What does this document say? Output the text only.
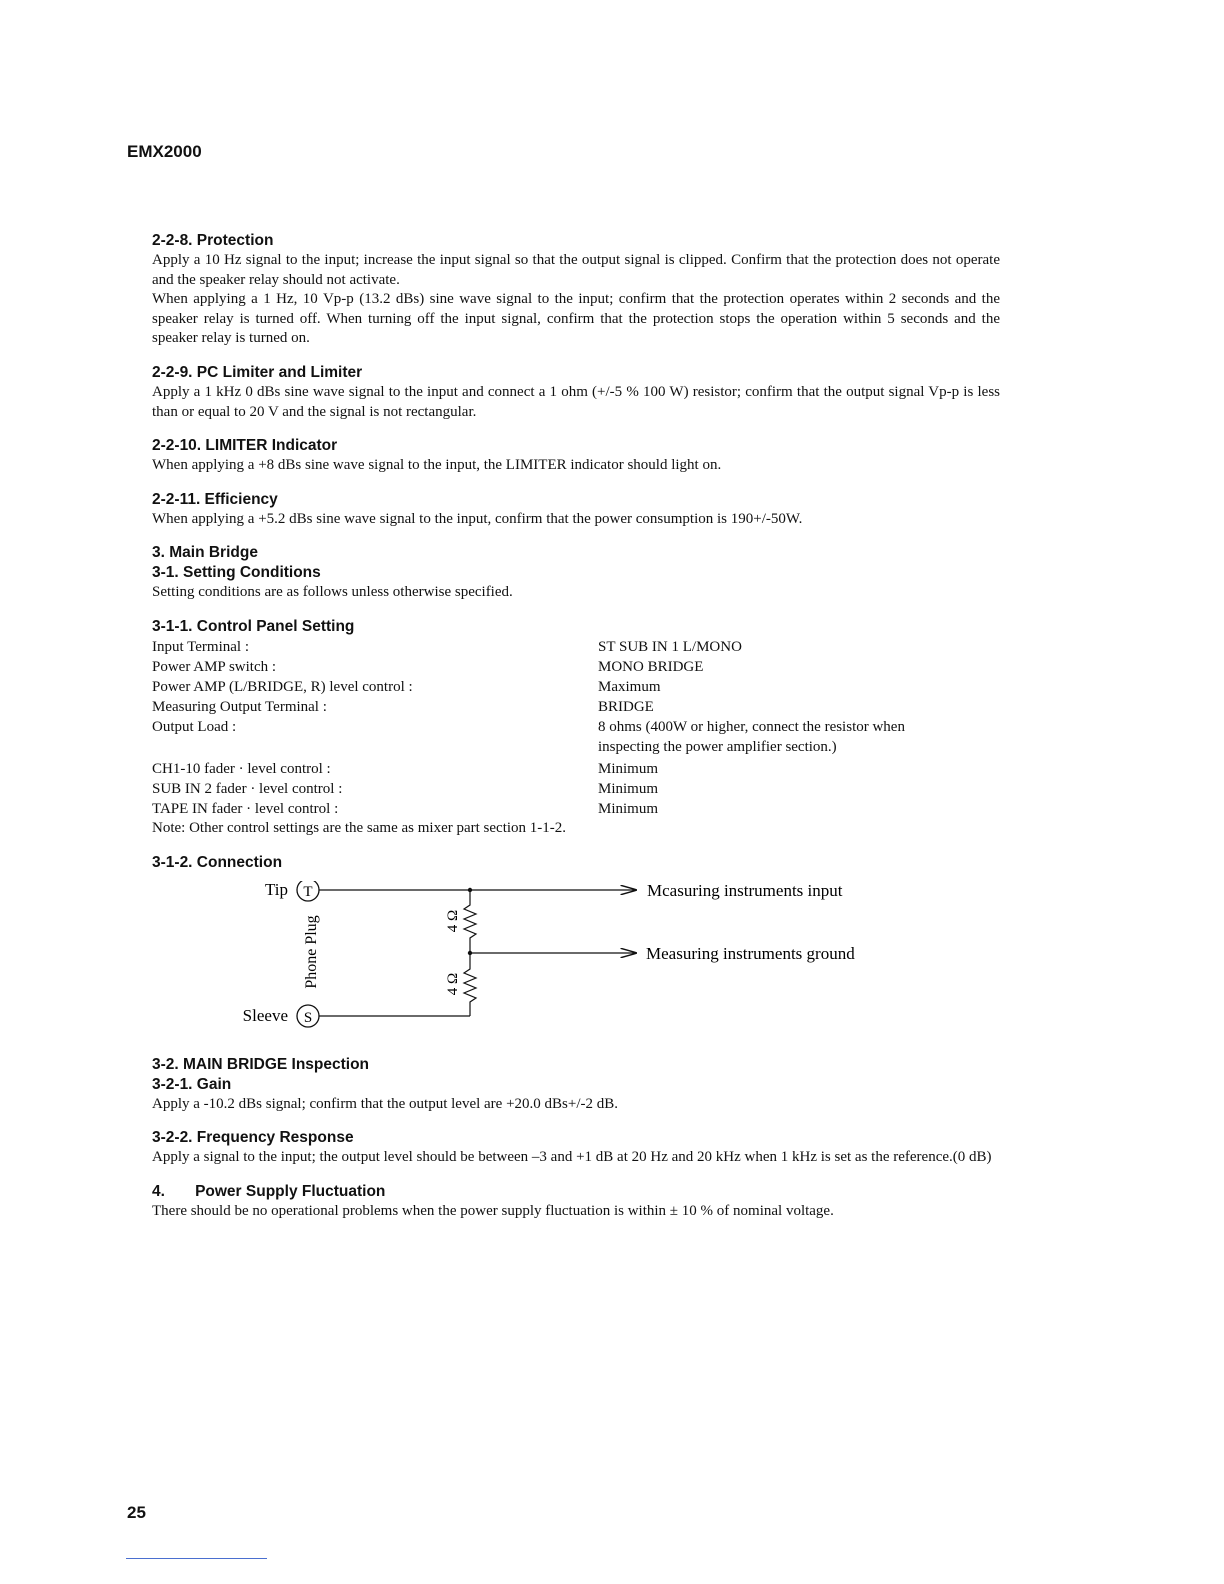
EMX2000
2-2-8. Protection

Apply a 10 Hz signal to the input; increase the input signal so that the output signal is clipped. Confirm that the protection does not operate and the speaker relay should not activate.

When applying a 1 Hz, 10 Vp-p (13.2 dBs) sine wave signal to the input; confirm that the protection operates within 2 seconds and the speaker relay is turned off. When turning off the input signal, confirm that the protection stops the operation within 5 seconds and the speaker relay is turned on.

2-2-9. PC Limiter and Limiter

Apply a 1 kHz 0 dBs sine wave signal to the input and connect a 1 ohm (+/-5 % 100 W) resistor; confirm that the output signal Vp-p is less than or equal to 20 V and the signal is not rectangular.

2-2-10. LIMITER Indicator

When applying a +8 dBs sine wave signal to the input, the LIMITER indicator should light on.

2-2-11. Efficiency

When applying a +5.2 dBs sine wave signal to the input, confirm that the power consumption is 190+/-50W.

3. Main Bridge
3-1. Setting Conditions

Setting conditions are as follows unless otherwise specified.

3-1-1. Control Panel Setting
Input Terminal :	ST SUB IN 1 L/MONO
Power AMP switch :	MONO BRIDGE
Power AMP (L/BRIDGE, R) level control :	Maximum
Measuring Output Terminal :	BRIDGE
Output Load :	8 ohms (400W or higher, connect the resistor when
inspecting the power amplifier section.)
CH1-10 fader · level control :	Minimum
SUB IN 2 fader · level control :	Minimum
TAPE IN fader · level control :	Minimum

Note: Other control settings are the same as mixer part section 1-1-2.

3-1-2. Connection
Tip T
Phone Plug
Sleeve S
4 Ω
4 Ω
Mcasuring instruments input
Measuring instruments ground
3-2. MAIN BRIDGE Inspection
3-2-1. Gain

Apply a -10.2 dBs signal; confirm that the output level are +20.0 dBs+/-2 dB.

3-2-2. Frequency Response

Apply a signal to the input; the output level should be between –3 and +1 dB at 20 Hz and 20 kHz when 1 kHz is set as the reference.(0 dB)

4.       Power Supply Fluctuation

There should be no operational problems when the power supply fluctuation is within ± 10 % of nominal voltage.

25
